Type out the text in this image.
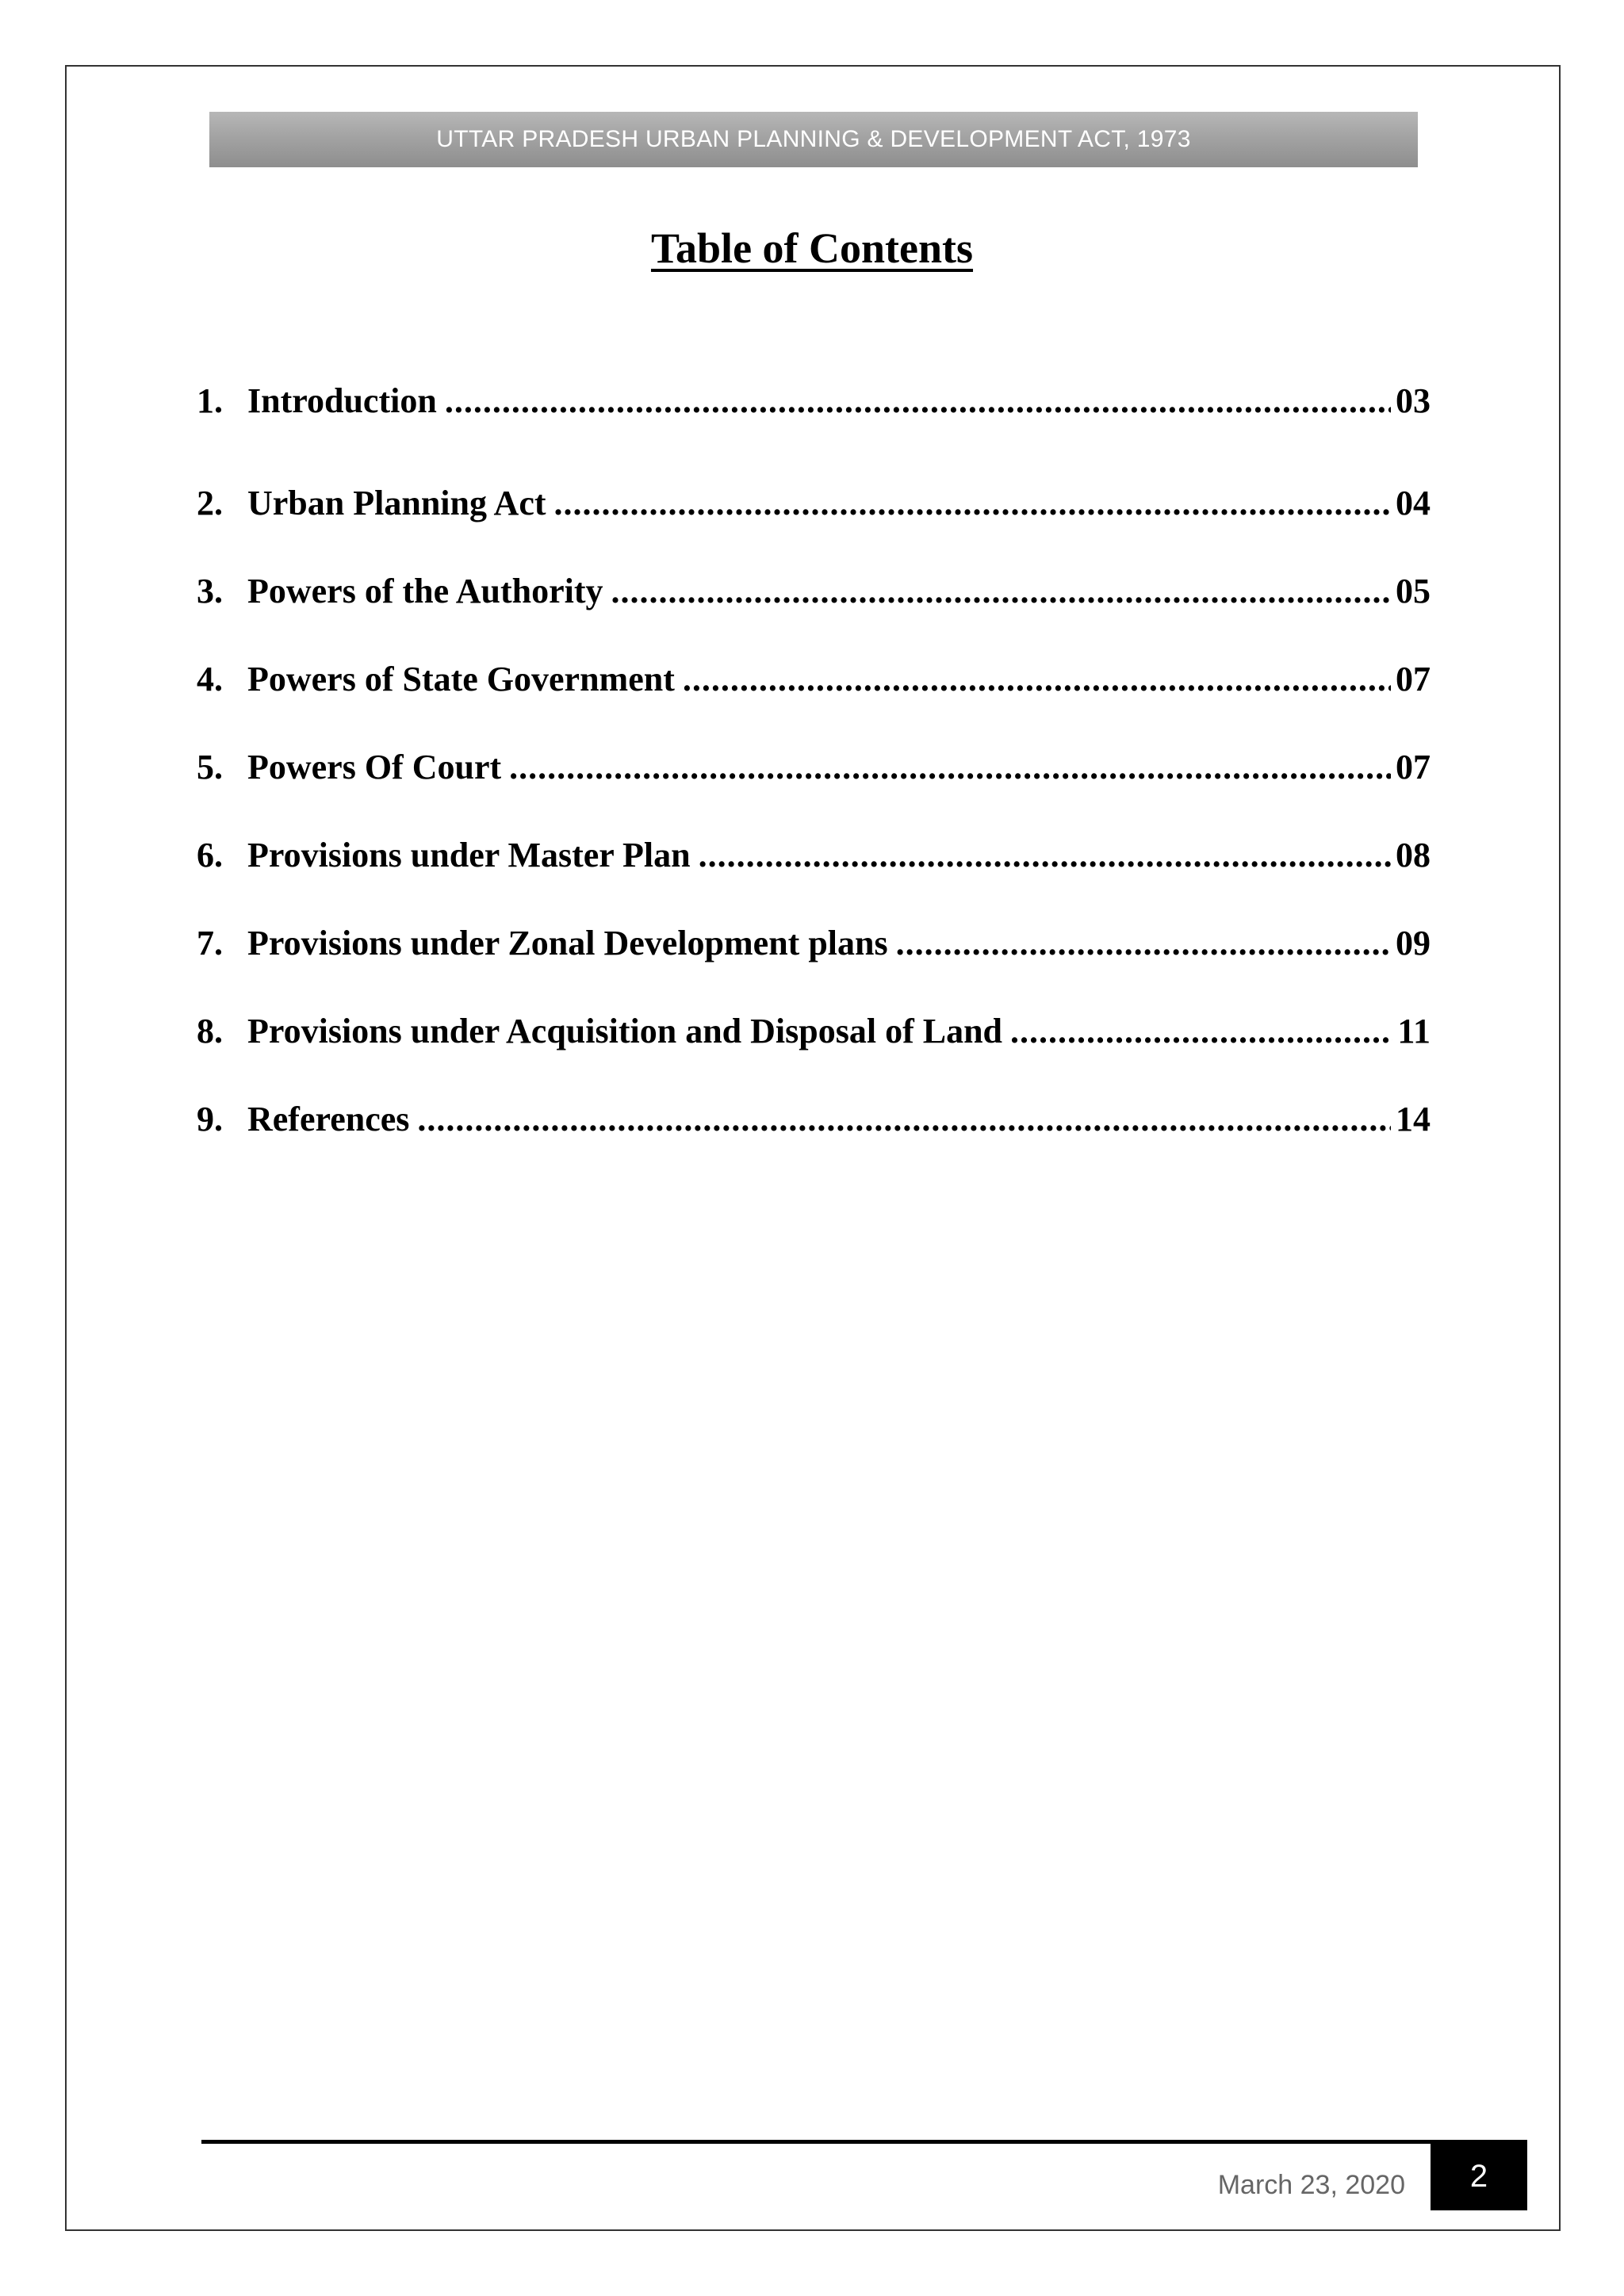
UTTAR PRADESH URBAN PLANNING & DEVELOPMENT ACT, 1973
Table of Contents
1. Introduction .....	03
2. Urban Planning Act .....	04
3. Powers of the Authority .....	05
4. Powers of State Government .....	07
5. Powers Of Court .....	07
6. Provisions under Master Plan .....	08
7. Provisions under Zonal Development plans .....	09
8. Provisions under Acquisition and Disposal of Land .....	11
9. References .....	14
March 23, 2020 2
